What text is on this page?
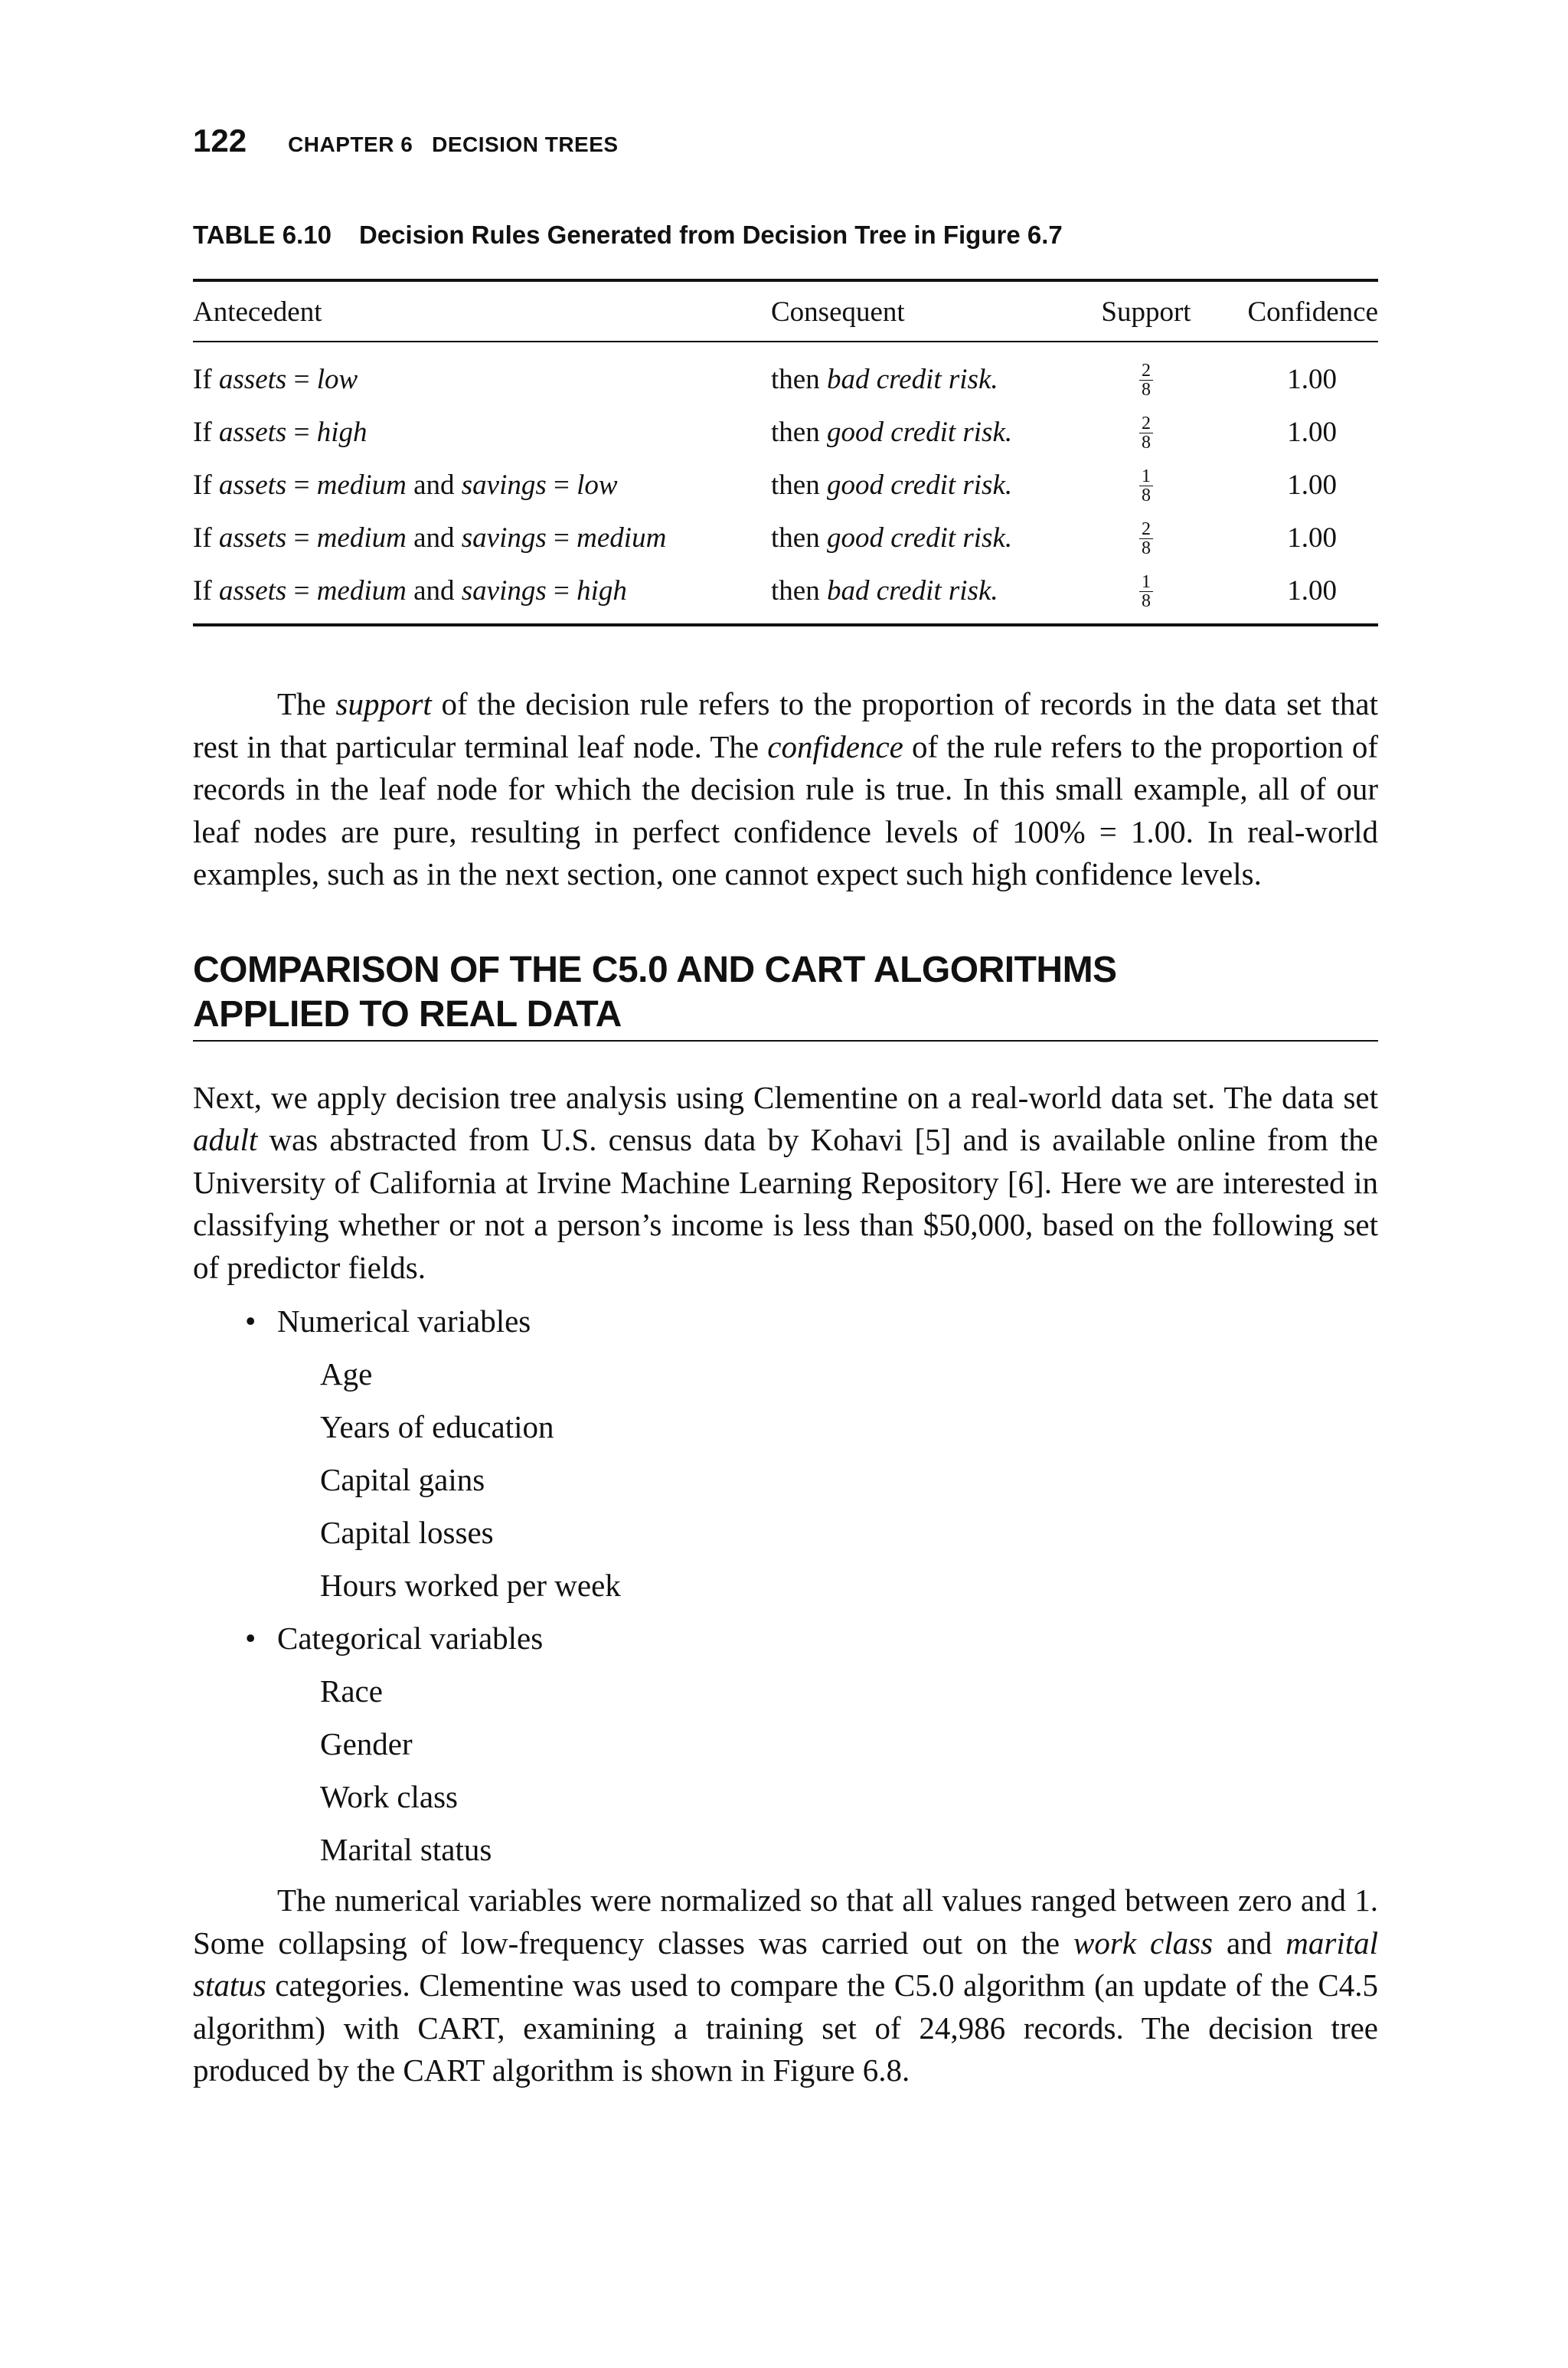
122 CHAPTER 6   DECISION TREES
TABLE 6.10 Decision Rules Generated from Decision Tree in Figure 6.7
Antecedent	Consequent	Support	Confidence
If assets = low	then bad credit risk.	$\frac{2}{8}$	1.00
If assets = high	then good credit risk.	$\frac{2}{8}$	1.00
If assets = medium and savings = low	then good credit risk.	$\frac{1}{8}$	1.00
If assets = medium and savings = medium	then good credit risk.	$\frac{2}{8}$	1.00
If assets = medium and savings = high	then bad credit risk.	$\frac{1}{8}$	1.00

The support of the decision rule refers to the proportion of records in the data set that rest in that particular terminal leaf node. The confidence of the rule refers to the proportion of records in the leaf node for which the decision rule is true. In this small example, all of our leaf nodes are pure, resulting in perfect confidence levels of 100% = 1.00. In real-world examples, such as in the next section, one cannot expect such high confidence levels.

COMPARISON OF THE C5.0 AND CART ALGORITHMS
APPLIED TO REAL DATA

Next, we apply decision tree analysis using Clementine on a real-world data set. The data set adult was abstracted from U.S. census data by Kohavi [5] and is available online from the University of California at Irvine Machine Learning Repository [6]. Here we are interested in classifying whether or not a person’s income is less than $50,000, based on the following set of predictor fields.

• Numerical variables
Age
Years of education
Capital gains
Capital losses
Hours worked per week
• Categorical variables
Race
Gender
Work class
Marital status

The numerical variables were normalized so that all values ranged between zero and 1. Some collapsing of low-frequency classes was carried out on the work class and marital status categories. Clementine was used to compare the C5.0 algorithm (an update of the C4.5 algorithm) with CART, examining a training set of 24,986 records. The decision tree produced by the CART algorithm is shown in Figure 6.8.
